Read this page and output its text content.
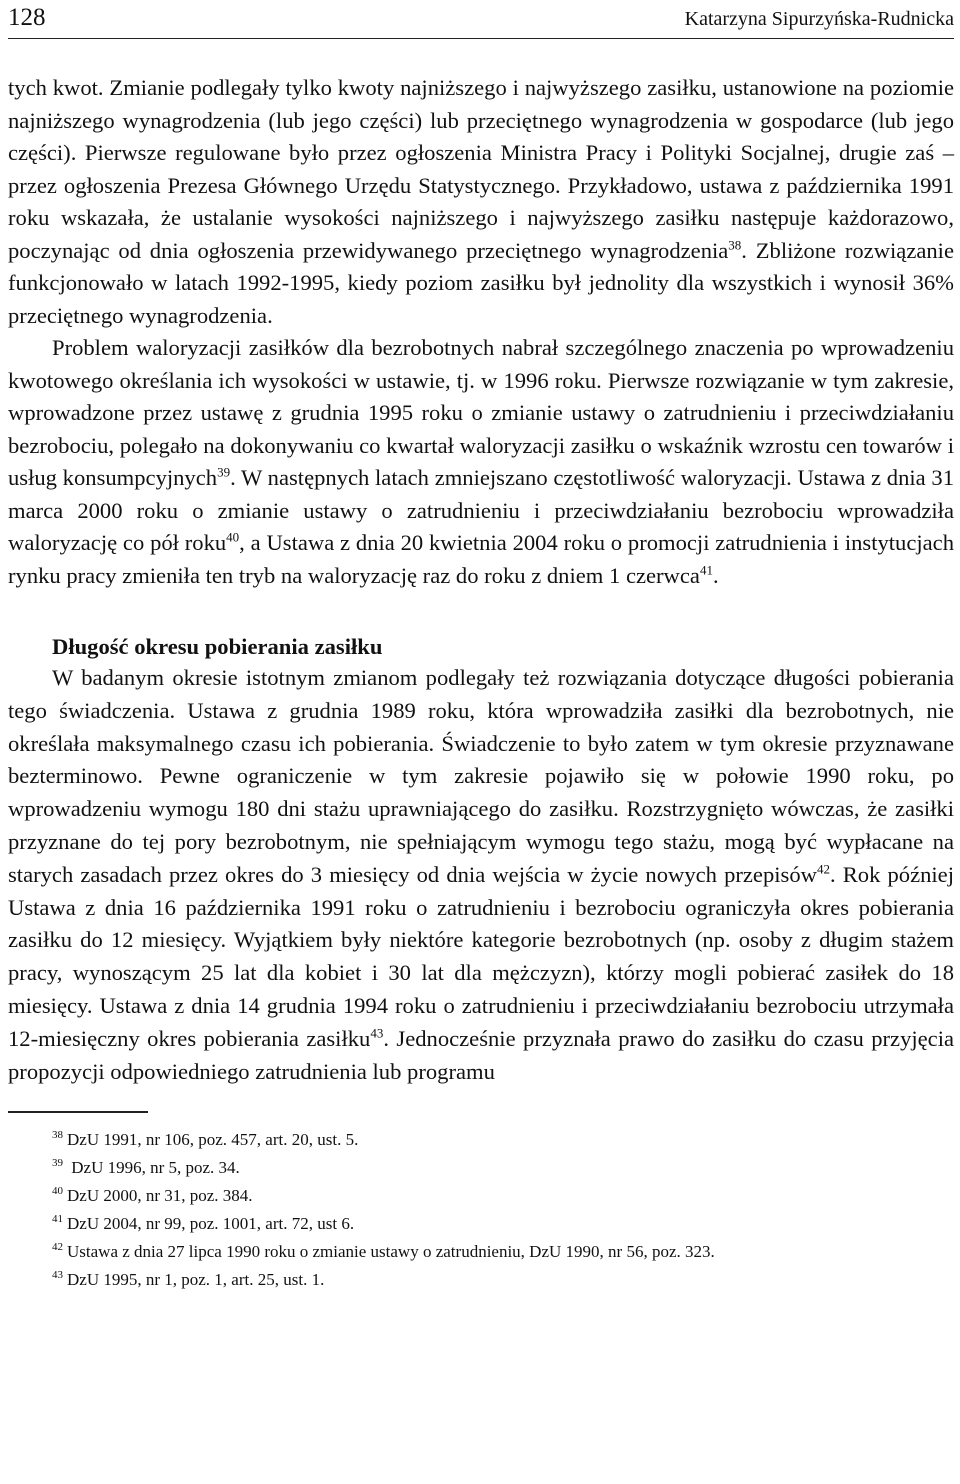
128	Katarzyna Sipurzyńska-Rudnicka

tych kwot. Zmianie podlegały tylko kwoty najniższego i najwyższego zasiłku, ustanowione na poziomie najniższego wynagrodzenia (lub jego części) lub przeciętnego wynagrodzenia w gospodarce (lub jego części). Pierwsze regulowane było przez ogłoszenia Ministra Pracy i Polityki Socjalnej, drugie zaś – przez ogłoszenia Prezesa Głównego Urzędu Statystycznego. Przykładowo, ustawa z października 1991 roku wskazała, że ustalanie wysokości najniższego i najwyższego zasiłku następuje każdorazowo, poczynając od dnia ogłoszenia przewidywanego przeciętnego wynagrodzenia$^{38}$. Zbliżone rozwiązanie funkcjonowało w latach 1992-1995, kiedy poziom zasiłku był jednolity dla wszystkich i wynosił 36% przeciętnego wynagrodzenia.

Problem waloryzacji zasiłków dla bezrobotnych nabrał szczególnego znaczenia po wprowadzeniu kwotowego określania ich wysokości w ustawie, tj. w 1996 roku. Pierwsze rozwiązanie w tym zakresie, wprowadzone przez ustawę z grudnia 1995 roku o zmianie ustawy o zatrudnieniu i przeciwdziałaniu bezrobociu, polegało na dokonywaniu co kwartał waloryzacji zasiłku o wskaźnik wzrostu cen towarów i usług konsumpcyjnych$^{39}$. W następnych latach zmniejszano częstotliwość waloryzacji. Ustawa z dnia 31 marca 2000 roku o zmianie ustawy o zatrudnieniu i przeciwdziałaniu bezrobociu wprowadziła waloryzację co pół roku$^{40}$, a Ustawa z dnia 20 kwietnia 2004 roku o promocji zatrudnienia i instytucjach rynku pracy zmieniła ten tryb na waloryzację raz do roku z dniem 1 czerwca$^{41}$.

Długość okresu pobierania zasiłku

W badanym okresie istotnym zmianom podlegały też rozwiązania dotyczące długości pobierania tego świadczenia. Ustawa z grudnia 1989 roku, która wprowadziła zasiłki dla bezrobotnych, nie określała maksymalnego czasu ich pobierania. Świadczenie to było zatem w tym okresie przyznawane bezterminowo. Pewne ograniczenie w tym zakresie pojawiło się w połowie 1990 roku, po wprowadzeniu wymogu 180 dni stażu uprawniającego do zasiłku. Rozstrzygnięto wówczas, że zasiłki przyznane do tej pory bezrobotnym, nie spełniającym wymogu tego stażu, mogą być wypłacane na starych zasadach przez okres do 3 miesięcy od dnia wejścia w życie nowych przepisów$^{42}$. Rok później Ustawa z dnia 16 października 1991 roku o zatrudnieniu i bezrobociu ograniczyła okres pobierania zasiłku do 12 miesięcy. Wyjątkiem były niektóre kategorie bezrobotnych (np. osoby z długim stażem pracy, wynoszącym 25 lat dla kobiet i 30 lat dla mężczyzn), którzy mogli pobierać zasiłek do 18 miesięcy. Ustawa z dnia 14 grudnia 1994 roku o zatrudnieniu i przeciwdziałaniu bezrobociu utrzymała 12-miesięczny okres pobierania zasiłku$^{43}$. Jednocześnie przyznała prawo do zasiłku do czasu przyjęcia propozycji odpowiedniego zatrudnienia lub programu

$^{38}$ DzU 1991, nr 106, poz. 457, art. 20, ust. 5.
$^{39}$ DzU 1996, nr 5, poz. 34.
$^{40}$ DzU 2000, nr 31, poz. 384.
$^{41}$ DzU 2004, nr 99, poz. 1001, art. 72, ust 6.
$^{42}$ Ustawa z dnia 27 lipca 1990 roku o zmianie ustawy o zatrudnieniu, DzU 1990, nr 56, poz. 323.
$^{43}$ DzU 1995, nr 1, poz. 1, art. 25, ust. 1.
